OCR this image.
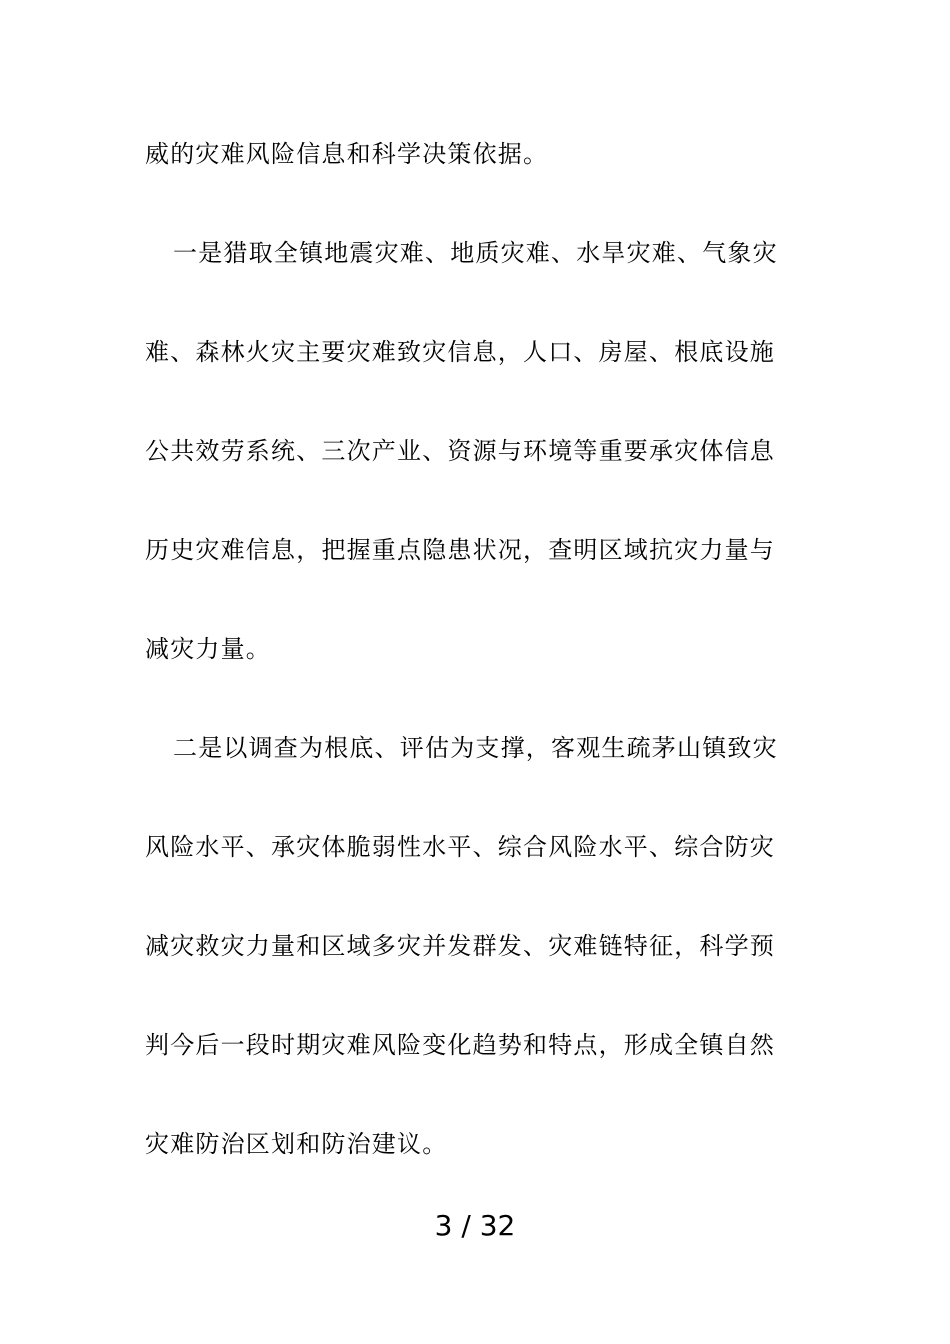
威的灾难风险信息和科学决策依据。
一是猎取全镇地震灾难、地质灾难、水旱灾难、气象灾
难、森林火灾主要灾难致灾信息，人口、房屋、根底设施
公共效劳系统、三次产业、资源与环境等重要承灾体信息
历史灾难信息，把握重点隐患状况，查明区域抗灾力量与
减灾力量。
二是以调查为根底、评估为支撑，客观生疏茅山镇致灾
风险水平、承灾体脆弱性水平、综合风险水平、综合防灾
减灾救灾力量和区域多灾并发群发、灾难链特征，科学预
判今后一段时期灾难风险变化趋势和特点，形成全镇自然
灾难防治区划和防治建议。
3 / 32
